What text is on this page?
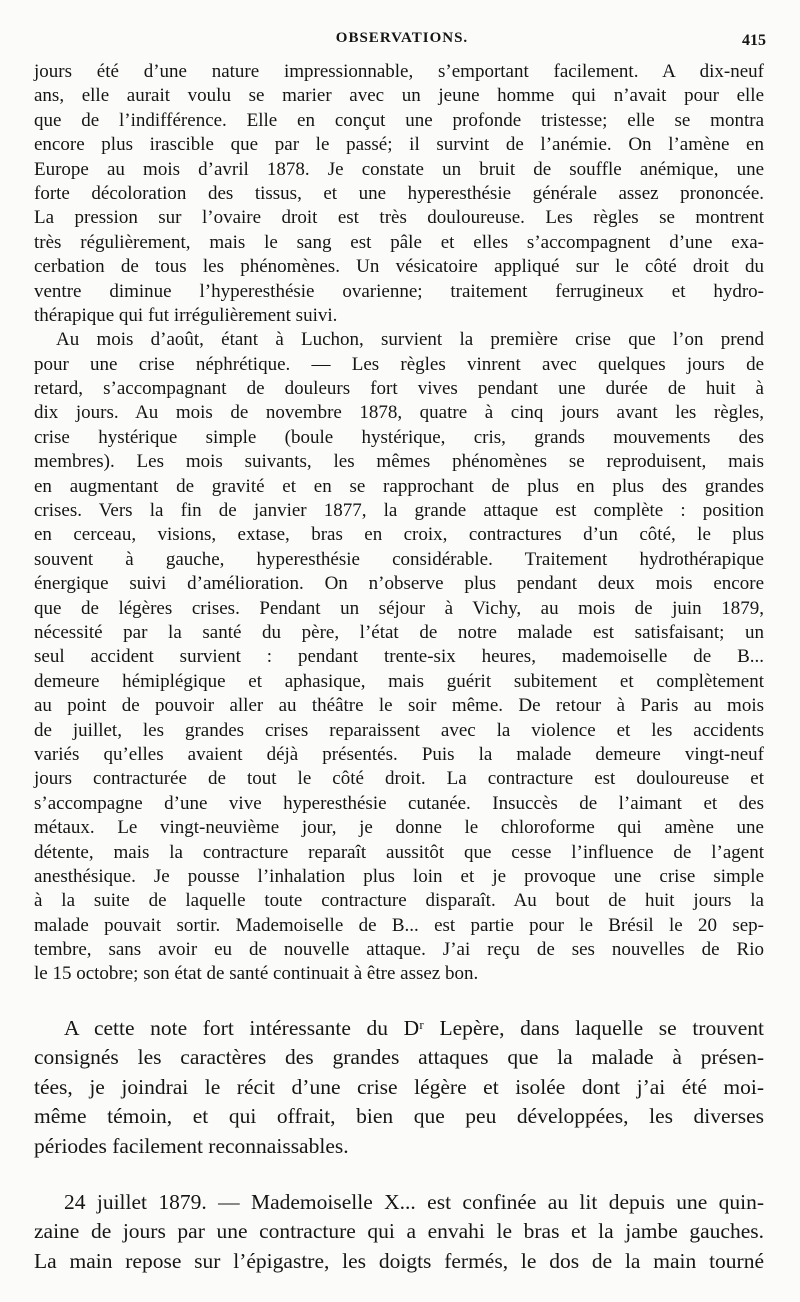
OBSERVATIONS.	415
jours été d’une nature impressionnable, s’emportant facilement. A dix-neuf
ans, elle aurait voulu se marier avec un jeune homme qui n’avait pour elle
que de l’indifférence. Elle en conçut une profonde tristesse; elle se montra
encore plus irascible que par le passé; il survint de l’anémie. On l’amène en
Europe au mois d’avril 1878. Je constate un bruit de souffle anémique, une
forte décoloration des tissus, et une hyperesthésie générale assez prononcée.
La pression sur l’ovaire droit est très douloureuse. Les règles se montrent
très régulièrement, mais le sang est pâle et elles s’accompagnent d’une exa-
cerbation de tous les phénomènes. Un vésicatoire appliqué sur le côté droit du
ventre diminue l’hyperesthésie ovarienne; traitement ferrugineux et hydro-
thérapique qui fut irrégulièrement suivi.
Au mois d’août, étant à Luchon, survient la première crise que l’on prend
pour une crise néphrétique. — Les règles vinrent avec quelques jours de
retard, s’accompagnant de douleurs fort vives pendant une durée de huit à
dix jours. Au mois de novembre 1878, quatre à cinq jours avant les règles,
crise hystérique simple (boule hystérique, cris, grands mouvements des
membres). Les mois suivants, les mêmes phénomènes se reproduisent, mais
en augmentant de gravité et en se rapprochant de plus en plus des grandes
crises. Vers la fin de janvier 1877, la grande attaque est complète : position
en cerceau, visions, extase, bras en croix, contractures d’un côté, le plus
souvent à gauche, hyperesthésie considérable. Traitement hydrothérapique
énergique suivi d’amélioration. On n’observe plus pendant deux mois encore
que de légères crises. Pendant un séjour à Vichy, au mois de juin 1879,
nécessité par la santé du père, l’état de notre malade est satisfaisant; un
seul accident survient : pendant trente-six heures, mademoiselle de B...
demeure hémiplégique et aphasique, mais guérit subitement et complètement
au point de pouvoir aller au théâtre le soir même. De retour à Paris au mois
de juillet, les grandes crises reparaissent avec la violence et les accidents
variés qu’elles avaient déjà présentés. Puis la malade demeure vingt-neuf
jours contracturée de tout le côté droit. La contracture est douloureuse et
s’accompagne d’une vive hyperesthésie cutanée. Insuccès de l’aimant et des
métaux. Le vingt-neuvième jour, je donne le chloroforme qui amène une
détente, mais la contracture reparaît aussitôt que cesse l’influence de l’agent
anesthésique. Je pousse l’inhalation plus loin et je provoque une crise simple
à la suite de laquelle toute contracture disparaît. Au bout de huit jours la
malade pouvait sortir. Mademoiselle de B... est partie pour le Brésil le 20 sep-
tembre, sans avoir eu de nouvelle attaque. J’ai reçu de ses nouvelles de Rio
le 15 octobre; son état de santé continuait à être assez bon.
A cette note fort intéressante du Dʳ Lepère, dans laquelle se trouvent
consignés les caractères des grandes attaques que la malade à présen-
tées, je joindrai le récit d’une crise légère et isolée dont j’ai été moi-
même témoin, et qui offrait, bien que peu développées, les diverses
périodes facilement reconnaissables.
24 juillet 1879. — Mademoiselle X... est confinée au lit depuis une quin-
zaine de jours par une contracture qui a envahi le bras et la jambe gauches.
La main repose sur l’épigastre, les doigts fermés, le dos de la main tourné
